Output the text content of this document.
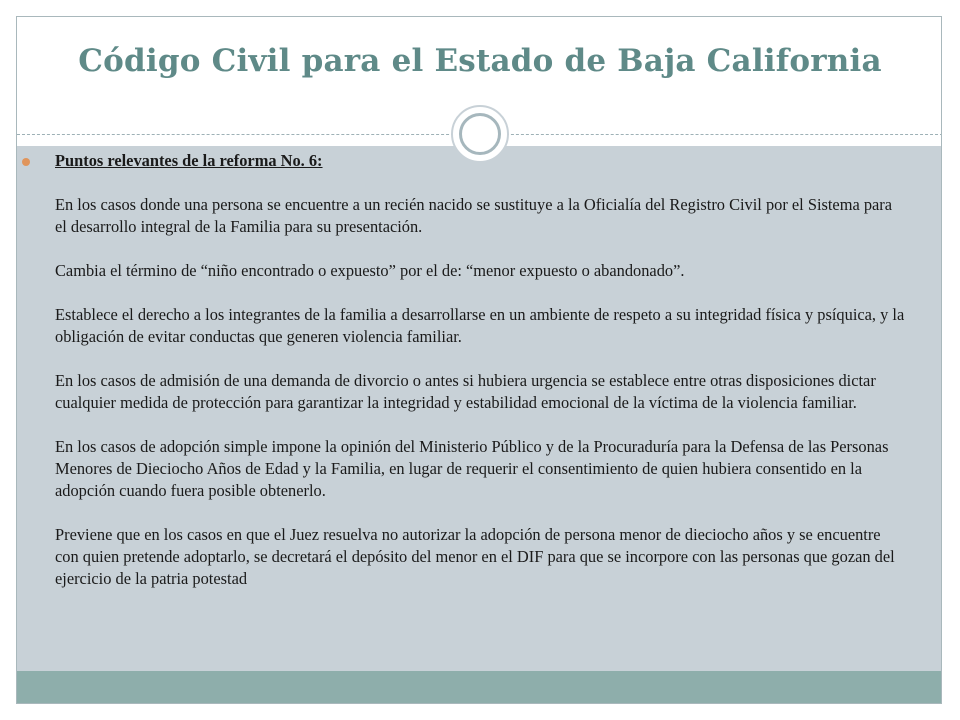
Código Civil para el Estado de Baja California

Puntos relevantes de la reforma No. 6:

En los casos donde una persona se encuentre a un recién nacido se sustituye a la Oficialía del Registro Civil por el Sistema para el desarrollo integral de la Familia para su presentación.

Cambia el término de “niño encontrado o expuesto” por el de: “menor expuesto o abandonado”.

Establece el derecho a los integrantes de la familia a desarrollarse en un ambiente de respeto a su integridad física y psíquica, y la obligación de evitar conductas que generen violencia familiar.

En los casos de admisión de una demanda de divorcio o antes si hubiera urgencia se establece entre otras disposiciones dictar cualquier medida de protección para garantizar la integridad y estabilidad emocional de la víctima de la violencia familiar.

En los casos de adopción simple impone la opinión del Ministerio Público y de la Procuraduría para la Defensa de las Personas Menores de Dieciocho Años de Edad y la Familia, en lugar de requerir el consentimiento de quien hubiera consentido en la adopción cuando fuera posible obtenerlo.

Previene que en los casos en que el Juez resuelva no autorizar la adopción de persona menor de dieciocho años y se encuentre con quien pretende adoptarlo, se decretará el depósito del menor en el DIF para que se incorpore con las personas que gozan del ejercicio de la patria potestad
